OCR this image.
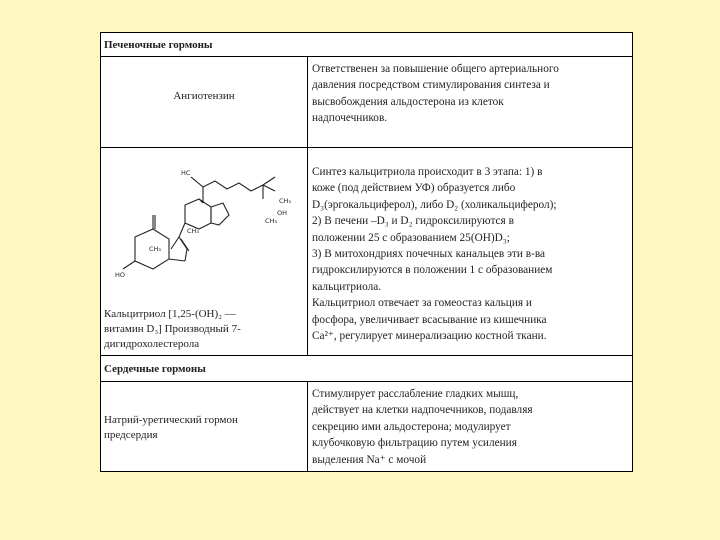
Печеночные гормоны
Ангиотензин
Ответственен за повышение общего артериального
давления посредством стимулирования синтеза и
высвобождения альдостерона из клеток
надпочечников.
HC
CH₃
CH₃
OH
CH₃
CH₃
HO
Кальцитриол [1,25-(OH)₂ —
витамин D₃] Производный 7-
дигидрохолестерола
Синтез кальцитриола происходит в 3 этапа: 1) в
коже (под действием УФ) образуется либо
D₃(эргокальциферол), либо D₂ (холикальциферол);
2) В печени –D₃ и D₂ гидроксилируются в
положении 25 с образованием 25(OH)D₃;
3) В митохондриях почечных канальцев эти в-ва
гидроксилируются в положении 1 с образованием
кальцитриола.
Кальцитриол отвечает за гомеостаз кальция и
фосфора, увеличивает всасывание из кишечника
Ca²⁺, регулирует минерализацию костной ткани.
Сердечные гормоны
Натрий-уретический гормон
предсердия
Стимулирует расслабление гладких мышц,
действует на клетки надпочечников, подавляя
секрецию ими альдостерона; модулирует
клубочковую фильтрацию путем усиления
выделения Na⁺ с мочой
